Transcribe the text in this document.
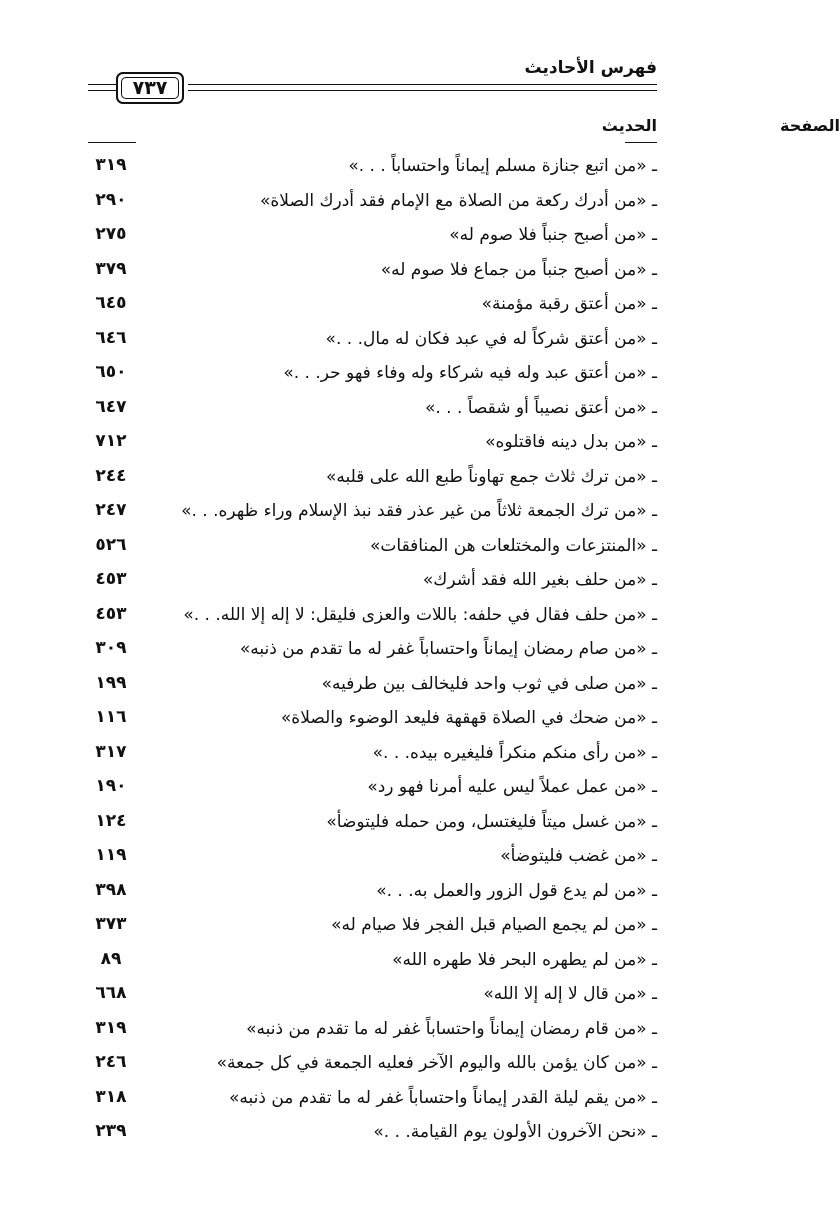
فهرس الأحاديث
٧٣٧
الحديث	الصفحة
ـ «من اتبع جنازة مسلم إيماناً واحتساباً . . .»
٣١٩
ـ «من أدرك ركعة من الصلاة مع الإمام فقد أدرك الصلاة»
٢٩٠
ـ «من أصبح جنباً فلا صوم له»
٢٧٥
ـ «من أصبح جنباً من جماع فلا صوم له»
٣٧٩
ـ «من أعتق رقبة مؤمنة»
٦٤٥
ـ «من أعتق شركاً له في عبد فكان له مال. . .»
٦٤٦
ـ «من أعتق عبد وله فيه شركاء وله وفاء فهو حر. . .»
٦٥٠
ـ «من أعتق نصيباً أو شقصاً . . .»
٦٤٧
ـ «من بدل دينه فاقتلوه»
٧١٢
ـ «من ترك ثلاث جمع تهاوناً طبع الله على قلبه»
٢٤٤
ـ «من ترك الجمعة ثلاثاً من غير عذر فقد نبذ الإسلام وراء ظهره. . .»
٢٤٧
ـ «المنتزعات والمختلعات هن المنافقات»
٥٢٦
ـ «من حلف بغير الله فقد أشرك»
٤٥٣
ـ «من حلف فقال في حلفه: باللات والعزى فليقل: لا إله إلا الله. . .»
٤٥٣
ـ «من صام رمضان إيماناً واحتساباً غفر له ما تقدم من ذنبه»
٣٠٩
ـ «من صلى في ثوب واحد فليخالف بين طرفيه»
١٩٩
ـ «من ضحك في الصلاة قهقهة فليعد الوضوء والصلاة»
١١٦
ـ «من رأى منكم منكراً فليغيره بيده. . .»
٣١٧
ـ «من عمل عملاً ليس عليه أمرنا فهو رد»
١٩٠
ـ «من غسل ميتاً فليغتسل، ومن حمله فليتوضأ»
١٢٤
ـ «من غضب فليتوضأ»
١١٩
ـ «من لم يدع قول الزور والعمل به. . .»
٣٩٨
ـ «من لم يجمع الصيام قبل الفجر فلا صيام له»
٣٧٣
ـ «من لم يطهره البحر فلا طهره الله»
٨٩
ـ «من قال لا إله إلا الله»
٦٦٨
ـ «من قام رمضان إيماناً واحتساباً غفر له ما تقدم من ذنبه»
٣١٩
ـ «من كان يؤمن بالله واليوم الآخر فعليه الجمعة في كل جمعة»
٢٤٦
ـ «من يقم ليلة القدر إيماناً واحتساباً غفر له ما تقدم من ذنبه»
٣١٨
ـ «نحن الآخرون الأولون يوم القيامة. . .»
٢٣٩
